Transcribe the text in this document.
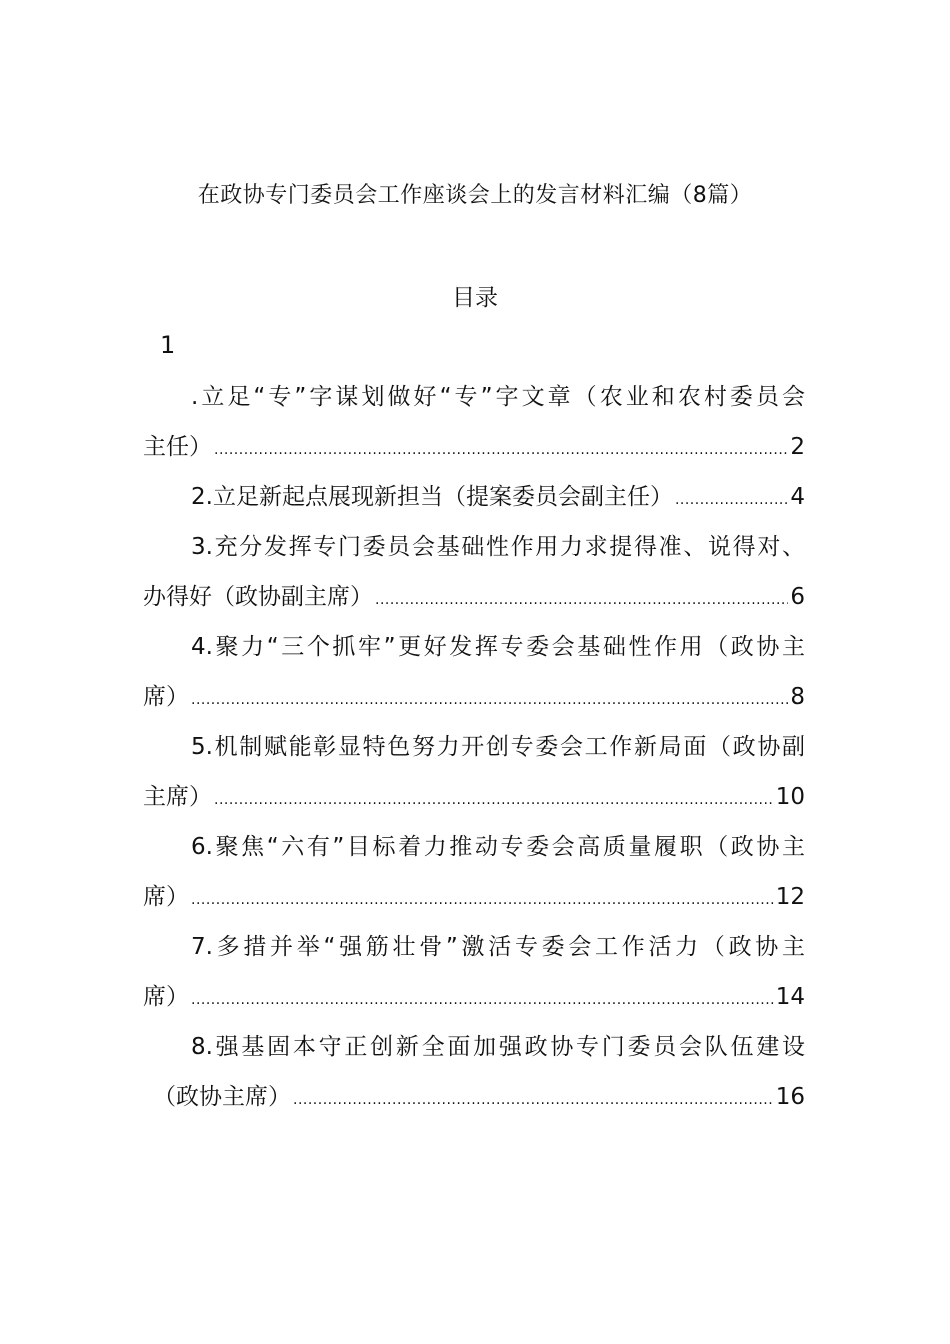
在政协专门委员会工作座谈会上的发言材料汇编（8篇）
目录
1
.立足“专”字谋划做好“专”字文章（农业和农村委员会
主任） .....	2
2.立足新起点展现新担当（提案委员会副主任） .....	4
3.充分发挥专门委员会基础性作用力求提得准、说得对、
办得好（政协副主席） .....	6
4.聚力“三个抓牢”更好发挥专委会基础性作用（政协主
席） .....	8
5.机制赋能彰显特色努力开创专委会工作新局面（政协副
主席） .....	10
6.聚焦“六有”目标着力推动专委会高质量履职（政协主
席） .....	12
7.多措并举“强筋壮骨”激活专委会工作活力（政协主
席） .....	14
8.强基固本守正创新全面加强政协专门委员会队伍建设
（政协主席） .....	16
